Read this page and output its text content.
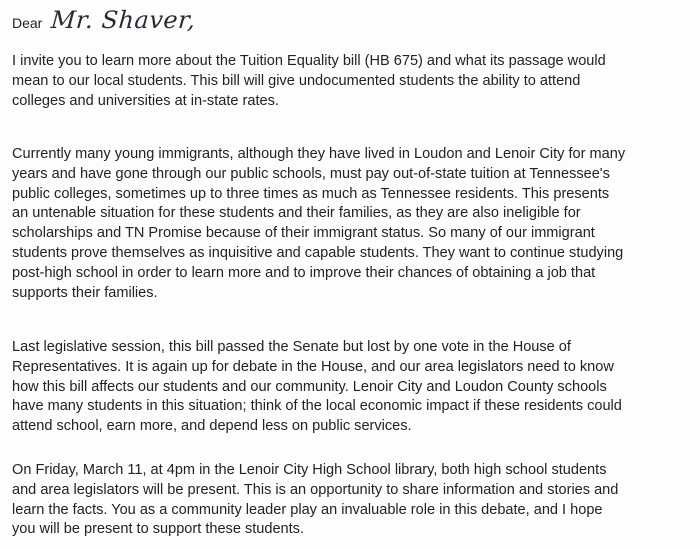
Dear Mr. Shaver,

I invite you to learn more about the Tuition Equality bill (HB 675) and what its passage would
mean to our local students. This bill will give undocumented students the ability to attend
colleges and universities at in-state rates.

Currently many young immigrants, although they have lived in Loudon and Lenoir City for many
years and have gone through our public schools, must pay out-of-state tuition at Tennessee's
public colleges, sometimes up to three times as much as Tennessee residents. This presents
an untenable situation for these students and their families, as they are also ineligible for
scholarships and TN Promise because of their immigrant status. So many of our immigrant
students prove themselves as inquisitive and capable students. They want to continue studying
post-high school in order to learn more and to improve their chances of obtaining a job that
supports their families.

Last legislative session, this bill passed the Senate but lost by one vote in the House of
Representatives. It is again up for debate in the House, and our area legislators need to know
how this bill affects our students and our community. Lenoir City and Loudon County schools
have many students in this situation; think of the local economic impact if these residents could
attend school, earn more, and depend less on public services.

On Friday, March 11, at 4pm in the Lenoir City High School library, both high school students
and area legislators will be present. This is an opportunity to share information and stories and
learn the facts. You as a community leader play an invaluable role in this debate, and I hope
you will be present to support these students.
